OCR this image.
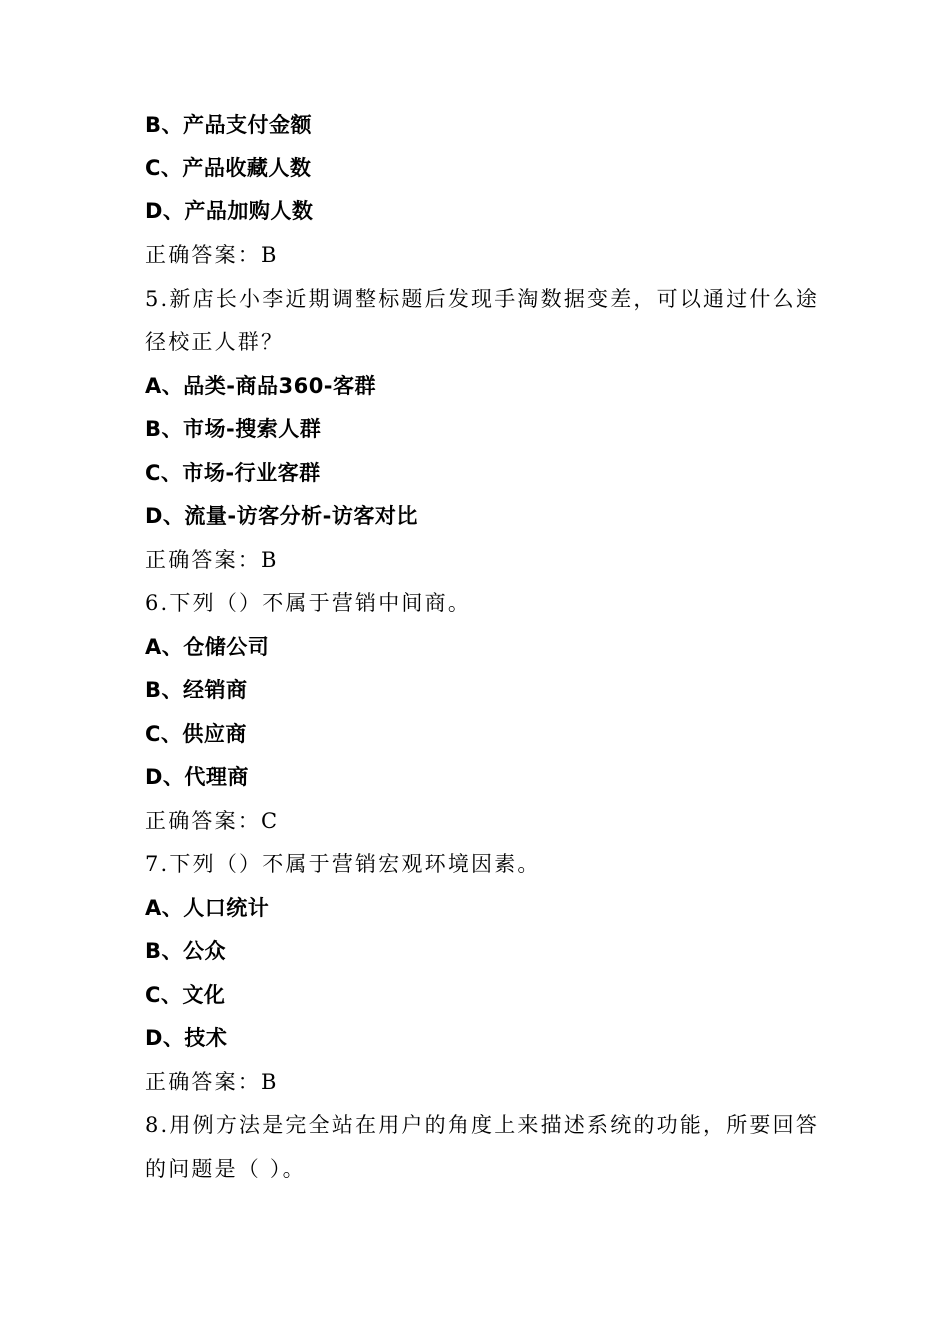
B、产品支付金额
C、产品收藏人数
D、产品加购人数
正确答案：B
5.新店长小李近期调整标题后发现手淘数据变差，可以通过什么途
径校正人群？
A、品类-商品360-客群
B、市场-搜索人群
C、市场-行业客群
D、流量-访客分析-访客对比
正确答案：B
6.下列（）不属于营销中间商。
A、仓储公司
B、经销商
C、供应商
D、代理商
正确答案：C
7.下列（）不属于营销宏观环境因素。
A、人口统计
B、公众
C、文化
D、技术
正确答案：B
8.用例方法是完全站在用户的角度上来描述系统的功能，所要回答
的问题是（ ）。
